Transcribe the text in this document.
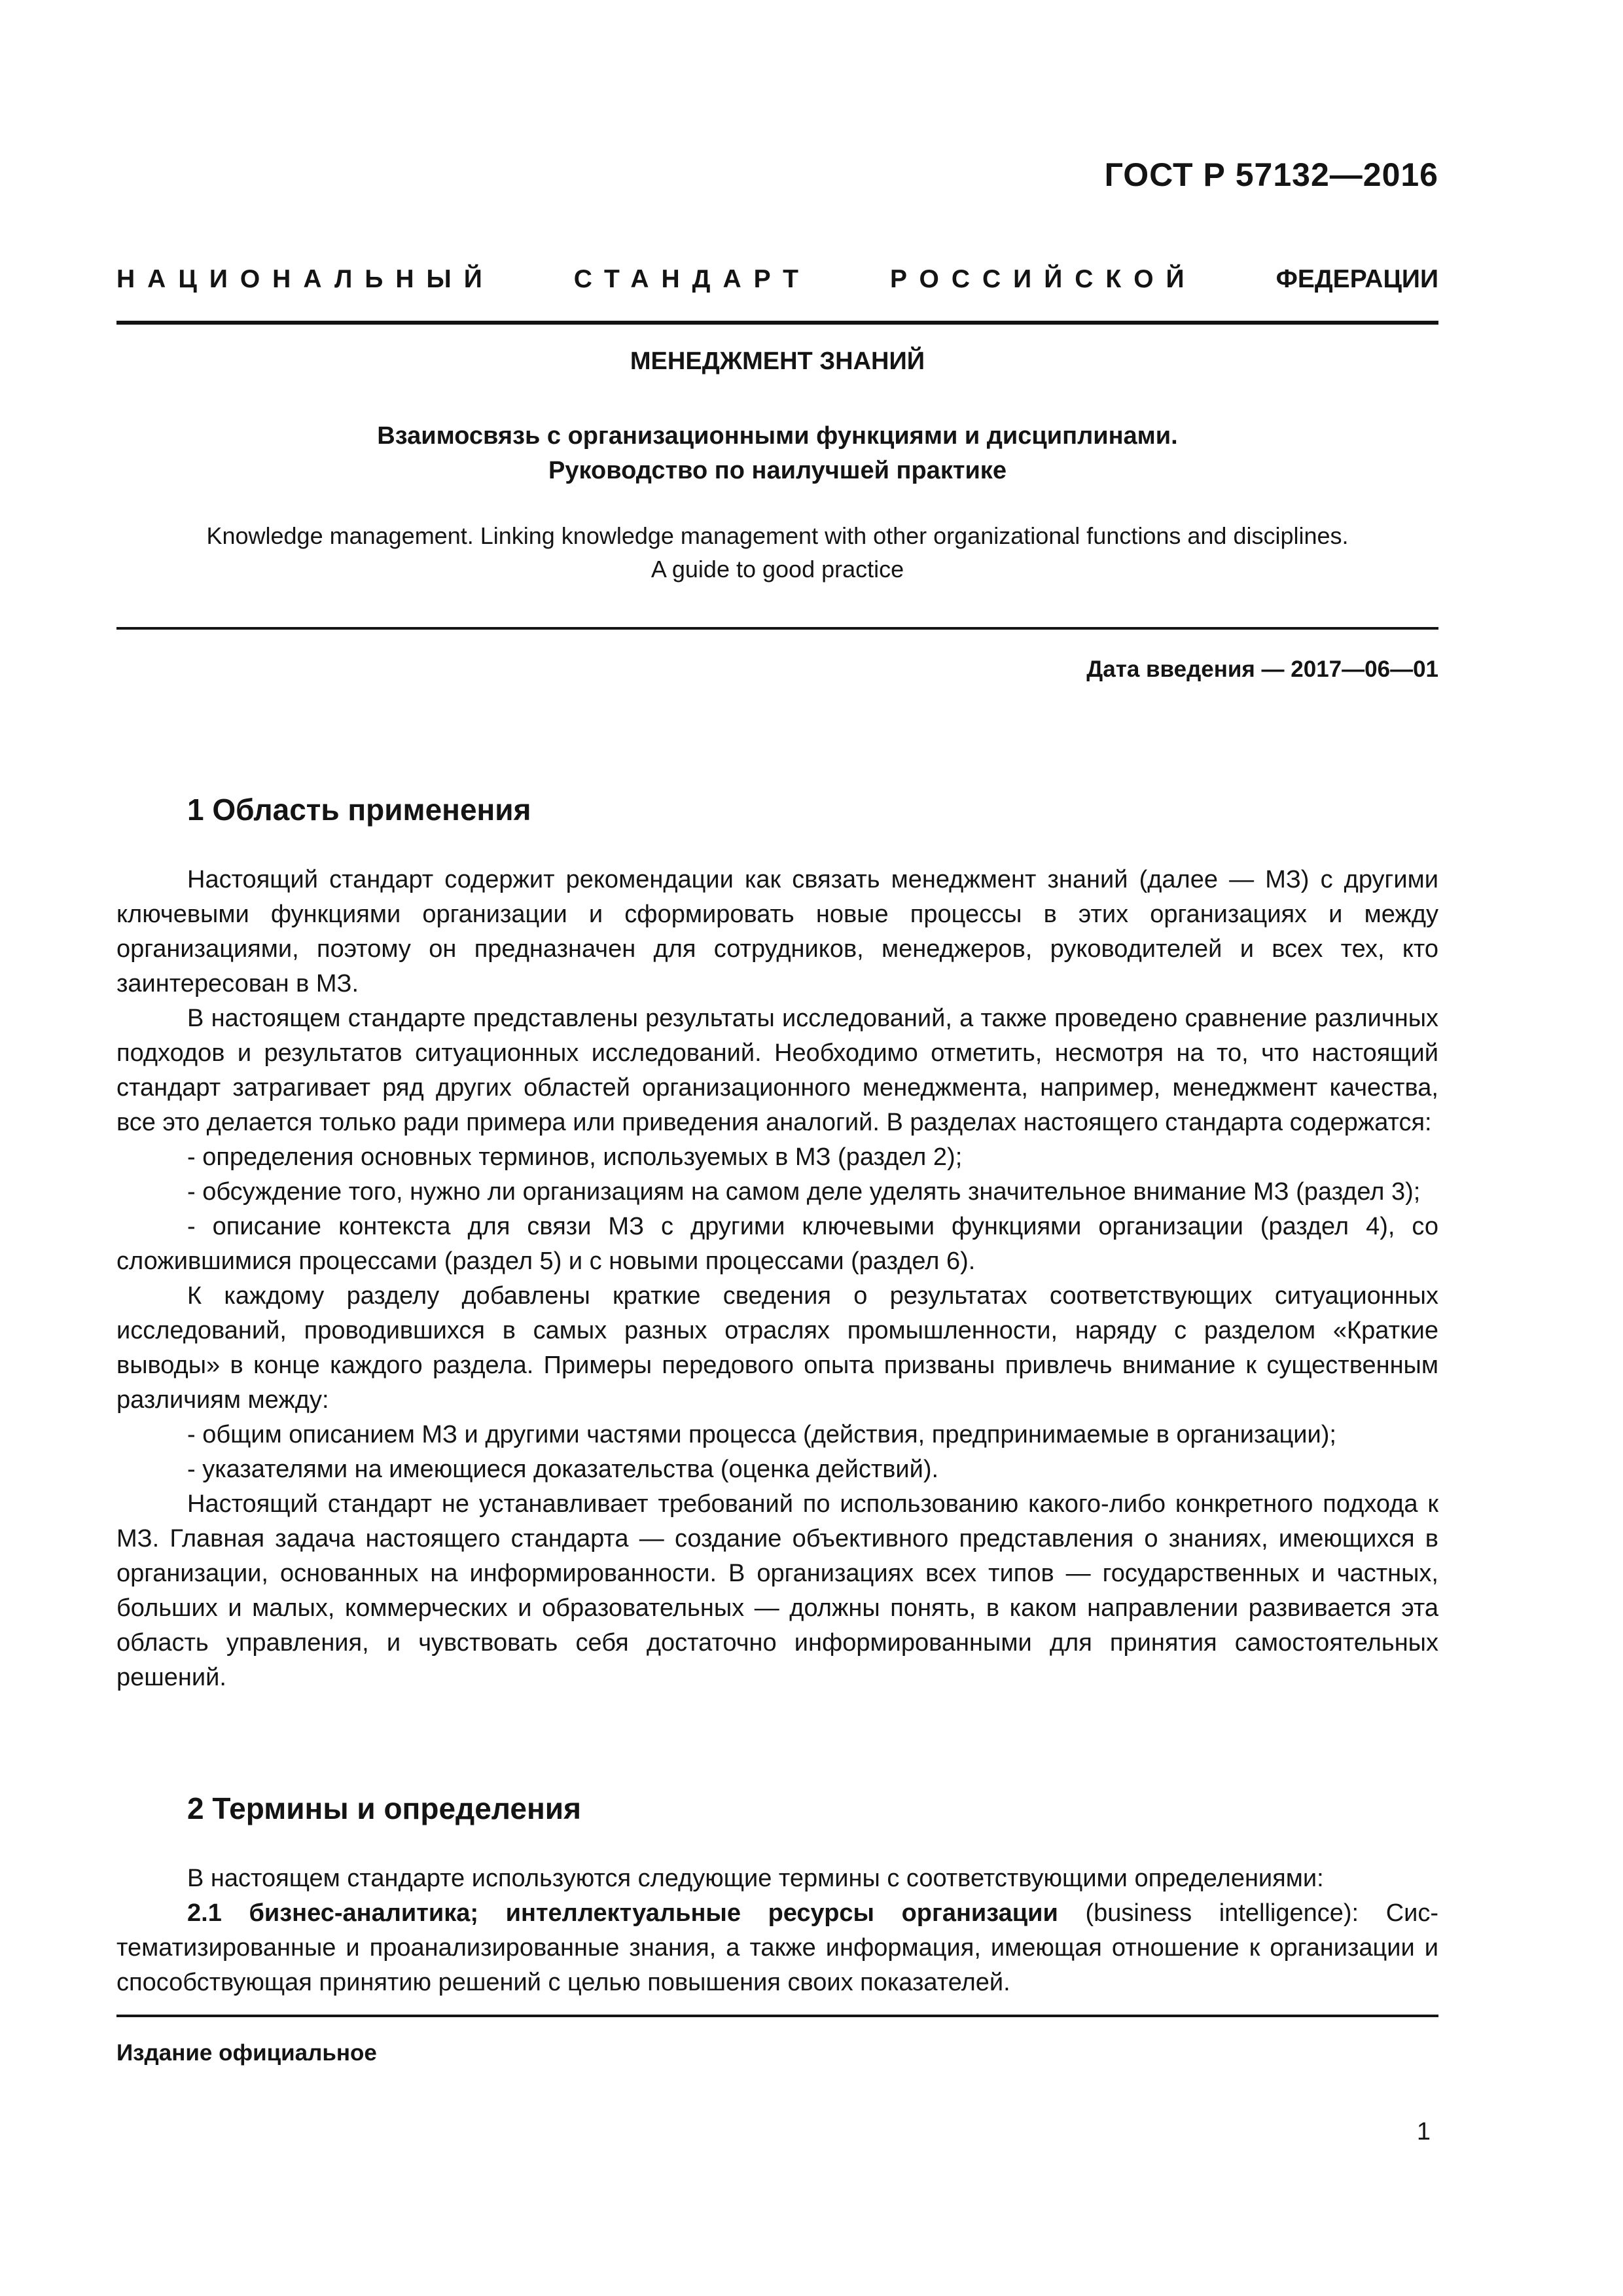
ГОСТ Р 57132—2016
НАЦИОНАЛЬНЫЙ	СТАНДАРТ	РОССИЙСКОЙ	ФЕДЕРАЦИИ
МЕНЕДЖМЕНТ ЗНАНИЙ
Взаимосвязь с организационными функциями и дисциплинами.
Руководство по наилучшей практике
Knowledge management. Linking knowledge management with other organizational functions and disciplines.
A guide to good practice
Дата введения — 2017—06—01
1 Область применения

Настоящий стандарт содержит рекомендации как связать менеджмент знаний (далее — МЗ) с другими ключевыми функциями организации и сформировать новые процессы в этих организациях и между организациями, поэтому он предназначен для сотрудников, менеджеров, руководителей и всех тех, кто заинтересован в МЗ.

В настоящем стандарте представлены результаты исследований, а также проведено сравнение различных подходов и результатов ситуационных исследований. Необходимо отметить, несмотря на то, что настоящий стандарт затрагивает ряд других областей организационного менеджмента, например, менеджмент качества, все это делается только ради примера или приведения аналогий. В разделах настоящего стандарта содержатся:

- определения основных терминов, используемых в МЗ (раздел 2);

- обсуждение того, нужно ли организациям на самом деле уделять значительное внимание МЗ (раздел 3);

- описание контекста для связи МЗ с другими ключевыми функциями организации (раздел 4), со сложившимися процессами (раздел 5) и с новыми процессами (раздел 6).

К каждому разделу добавлены краткие сведения о результатах соответствующих ситуационных исследований, проводившихся в самых разных отраслях промышленности, наряду с разделом «Краткие выводы» в конце каждого раздела. Примеры передового опыта призваны привлечь внимание к существенным различиям между:

- общим описанием МЗ и другими частями процесса (действия, предпринимаемые в организации);

- указателями на имеющиеся доказательства (оценка действий).

Настоящий стандарт не устанавливает требований по использованию какого-либо конкретного подхода к МЗ. Главная задача настоящего стандарта — создание объективного представления о знаниях, имеющихся в организации, основанных на информированности. В организациях всех типов — государственных и частных, больших и малых, коммерческих и образовательных — должны понять, в каком направлении развивается эта область управления, и чувствовать себя достаточно информированными для принятия самостоятельных решений.

2 Термины и определения

В настоящем стандарте используются следующие термины с соответствующими определениями:

2.1 бизнес-аналитика; интеллектуальные ресурсы организации (business intelligence): Систематизированные и проанализированные знания, а также информация, имеющая отношение к организации и способствующая принятию решений с целью повышения своих показателей.

Издание официальное
1
